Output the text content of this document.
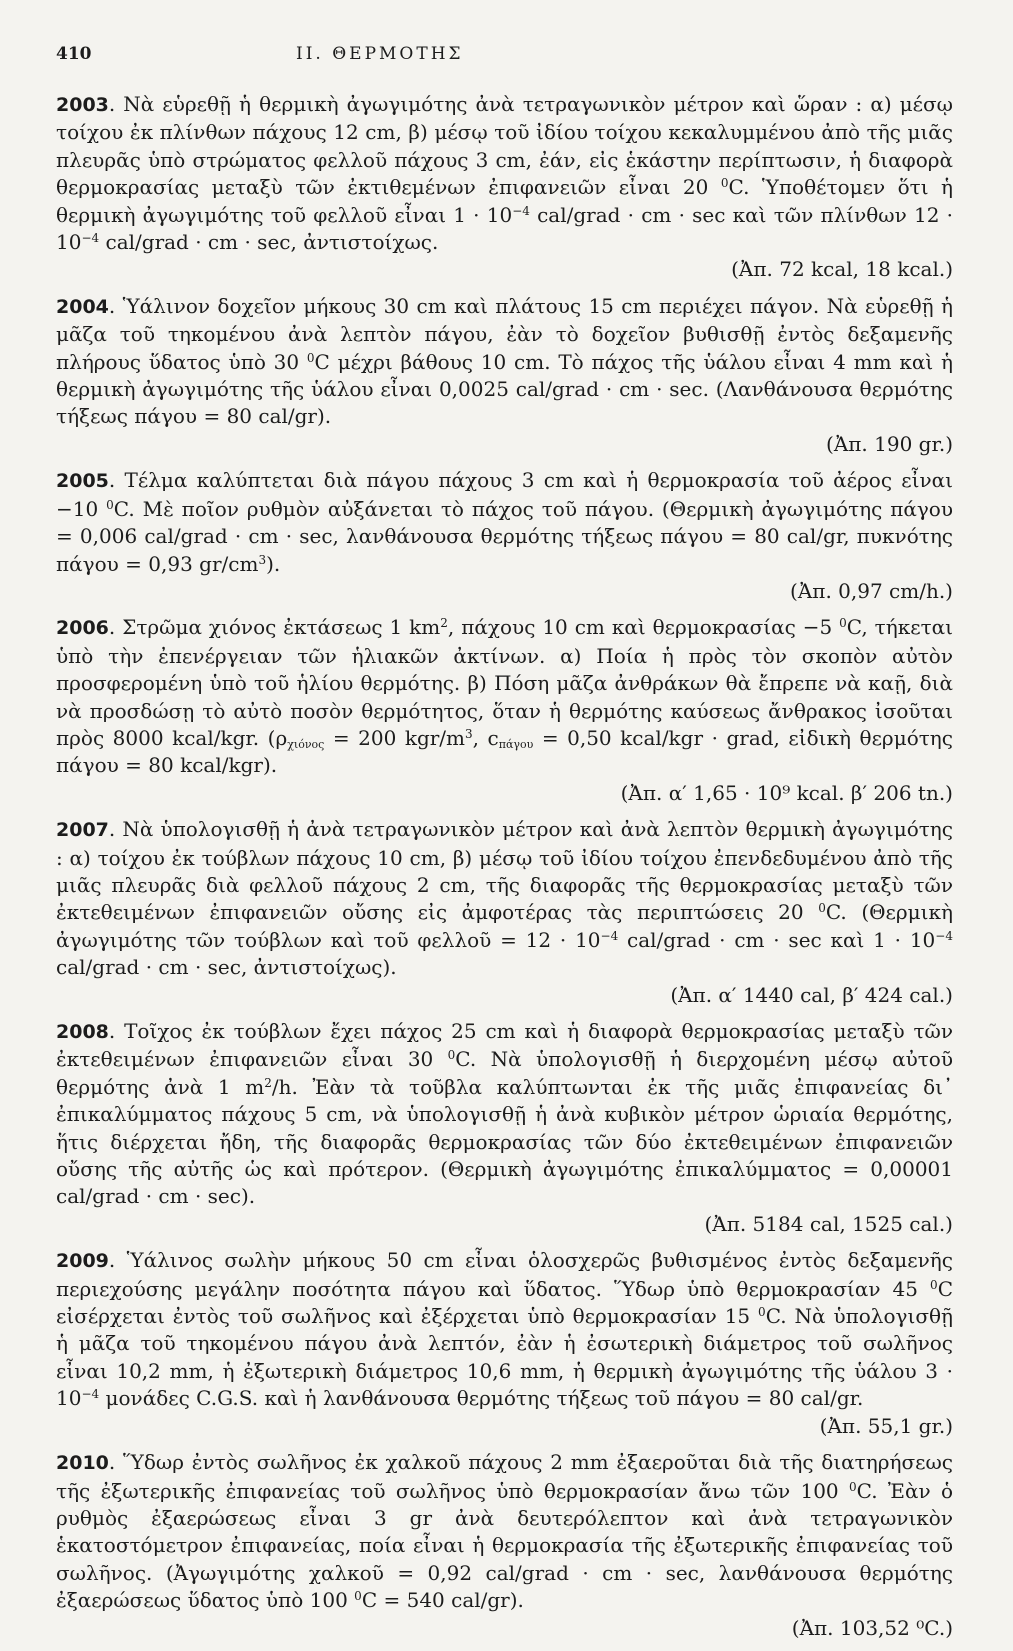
410	II. ΘΕΡΜΟΤΗΣ
2003. Νὰ εὑρεθῇ ἡ θερμικὴ ἀγωγιμότης ἀνὰ τετραγωνικὸν μέτρον καὶ ὥραν : α) μέσῳ τοίχου ἐκ πλίνθων πάχους 12 cm, β) μέσῳ τοῦ ἰδίου τοίχου κεκαλυμμένου ἀπὸ τῆς μιᾶς πλευρᾶς ὑπὸ στρώματος φελλοῦ πάχους 3 cm, ἐάν, εἰς ἑκάστην περίπτωσιν, ἡ διαφορὰ θερμοκρασίας μεταξὺ τῶν ἐκτιθεμένων ἐπιφανειῶν εἶναι 20 $^0$C. Ὑποθέτομεν ὅτι ἡ θερμικὴ ἀγωγιμότης τοῦ φελλοῦ εἶναι $1 \cdot 10^{-4}$ cal/grad · cm · sec καὶ τῶν πλίνθων $12 \cdot 10^{-4}$ cal/grad · cm · sec, ἀντιστοίχως.
(Ἀπ. 72 kcal, 18 kcal.)
2004. Ὑάλινον δοχεῖον μήκους 30 cm καὶ πλάτους 15 cm περιέχει πάγον. Νὰ εὑρεθῇ ἡ μᾶζα τοῦ τηκομένου ἀνὰ λεπτὸν πάγου, ἐὰν τὸ δοχεῖον βυθισθῇ ἐντὸς δεξαμενῆς πλήρους ὕδατος ὑπὸ 30 $^0$C μέχρι βάθους 10 cm. Τὸ πάχος τῆς ὑάλου εἶναι 4 mm καὶ ἡ θερμικὴ ἀγωγιμότης τῆς ὑάλου εἶναι 0,0025 cal/grad · cm · sec. (Λανθάνουσα θερμότης τήξεως πάγου = 80 cal/gr).
(Ἀπ. 190 gr.)
2005. Τέλμα καλύπτεται διὰ πάγου πάχους 3 cm καὶ ἡ θερμοκρασία τοῦ ἀέρος εἶναι −10 $^0$C. Μὲ ποῖον ρυθμὸν αὐξάνεται τὸ πάχος τοῦ πάγου. (Θερμικὴ ἀγωγιμότης πάγου = 0,006 cal/grad · cm · sec, λανθάνουσα θερμότης τήξεως πάγου = 80 cal/gr, πυκνότης πάγου = 0,93 $gr/cm^3$).
(Ἀπ. 0,97 cm/h.)
2006. Στρῶμα χιόνος ἐκτάσεως 1 $km^2$, πάχους 10 cm καὶ θερμοκρασίας −5 $^0$C, τήκεται ὑπὸ τὴν ἐπενέργειαν τῶν ἡλιακῶν ἀκτίνων. α) Ποία ἡ πρὸς τὸν σκοπὸν αὐτὸν προσφερομένη ὑπὸ τοῦ ἡλίου θερμότης. β) Πόση μᾶζα ἀνθράκων θὰ ἔπρεπε νὰ καῇ, διὰ νὰ προσδώσῃ τὸ αὐτὸ ποσὸν θερμότητος, ὅταν ἡ θερμότης καύσεως ἄνθρακος ἰσοῦται πρὸς 8000 kcal/kgr. ($\rho_{\chi\iota ό\nu o\varsigma} = 200$ kgr/$m^3$, $c_{\pi ά\gamma o\upsilon} = 0,50$ kcal/kgr · grad, εἰδικὴ θερμότης πάγου = 80 kcal/kgr).
(Ἀπ. α′ 1,65 · 10⁹ kcal. β′ 206 tn.)
2007. Νὰ ὑπολογισθῇ ἡ ἀνὰ τετραγωνικὸν μέτρον καὶ ἀνὰ λεπτὸν θερμικὴ ἀγωγιμότης : α) τοίχου ἐκ τούβλων πάχους 10 cm, β) μέσῳ τοῦ ἰδίου τοίχου ἐπενδεδυμένου ἀπὸ τῆς μιᾶς πλευρᾶς διὰ φελλοῦ πάχους 2 cm, τῆς διαφορᾶς τῆς θερμοκρασίας μεταξὺ τῶν ἐκτεθειμένων ἐπιφανειῶν οὔσης εἰς ἀμφοτέρας τὰς περιπτώσεις 20 $^0$C. (Θερμικὴ ἀγωγιμότης τῶν τούβλων καὶ τοῦ φελλοῦ = $12 \cdot 10^{-4}$ cal/grad · cm · sec καὶ $1 \cdot 10^{-4}$ cal/grad · cm · sec, ἀντιστοίχως).
(Ἀπ. α′ 1440 cal, β′ 424 cal.)
2008. Τοῖχος ἐκ τούβλων ἔχει πάχος 25 cm καὶ ἡ διαφορὰ θερμοκρασίας μεταξὺ τῶν ἐκτεθειμένων ἐπιφανειῶν εἶναι 30 $^0$C. Νὰ ὑπολογισθῇ ἡ διερχομένη μέσῳ αὐτοῦ θερμότης ἀνὰ 1 $m^2/h$. Ἐὰν τὰ τοῦβλα καλύπτωνται ἐκ τῆς μιᾶς ἐπιφανείας δι᾽ ἐπικαλύμματος πάχους 5 cm, νὰ ὑπολογισθῇ ἡ ἀνὰ κυβικὸν μέτρον ὡριαία θερμότης, ἥτις διέρχεται ἤδη, τῆς διαφορᾶς θερμοκρασίας τῶν δύο ἐκτεθειμένων ἐπιφανειῶν οὔσης τῆς αὐτῆς ὡς καὶ πρότερον. (Θερμικὴ ἀγωγιμότης ἐπικαλύμματος = 0,00001 cal/grad · cm · sec).
(Ἀπ. 5184 cal, 1525 cal.)
2009. Ὑάλινος σωλὴν μήκους 50 cm εἶναι ὁλοσχερῶς βυθισμένος ἐντὸς δεξαμενῆς περιεχούσης μεγάλην ποσότητα πάγου καὶ ὕδατος. Ὕδωρ ὑπὸ θερμοκρασίαν 45 $^0$C εἰσέρχεται ἐντὸς τοῦ σωλῆνος καὶ ἐξέρχεται ὑπὸ θερμοκρασίαν 15 $^0$C. Νὰ ὑπολογισθῇ ἡ μᾶζα τοῦ τηκομένου πάγου ἀνὰ λεπτόν, ἐὰν ἡ ἐσωτερικὴ διάμετρος τοῦ σωλῆνος εἶναι 10,2 mm, ἡ ἐξωτερικὴ διάμετρος 10,6 mm, ἡ θερμικὴ ἀγωγιμότης τῆς ὑάλου $3 \cdot 10^{-4}$ μονάδες C.G.S. καὶ ἡ λανθάνουσα θερμότης τήξεως τοῦ πάγου = 80 cal/gr.
(Ἀπ. 55,1 gr.)
2010. Ὕδωρ ἐντὸς σωλῆνος ἐκ χαλκοῦ πάχους 2 mm ἐξαεροῦται διὰ τῆς διατηρήσεως τῆς ἐξωτερικῆς ἐπιφανείας τοῦ σωλῆνος ὑπὸ θερμοκρασίαν ἄνω τῶν 100 $^0$C. Ἐὰν ὁ ρυθμὸς ἐξαερώσεως εἶναι 3 gr ἀνὰ δευτερόλεπτον καὶ ἀνὰ τετραγωνικὸν ἑκατοστόμετρον ἐπιφανείας, ποία εἶναι ἡ θερμοκρασία τῆς ἐξωτερικῆς ἐπιφανείας τοῦ σωλῆνος. (Ἀγωγιμότης χαλκοῦ = 0,92 cal/grad · cm · sec, λανθάνουσα θερμότης ἐξαερώσεως ὕδατος ὑπὸ 100 $^0$C = 540 cal/gr).
(Ἀπ. 103,52 ⁰C.)
